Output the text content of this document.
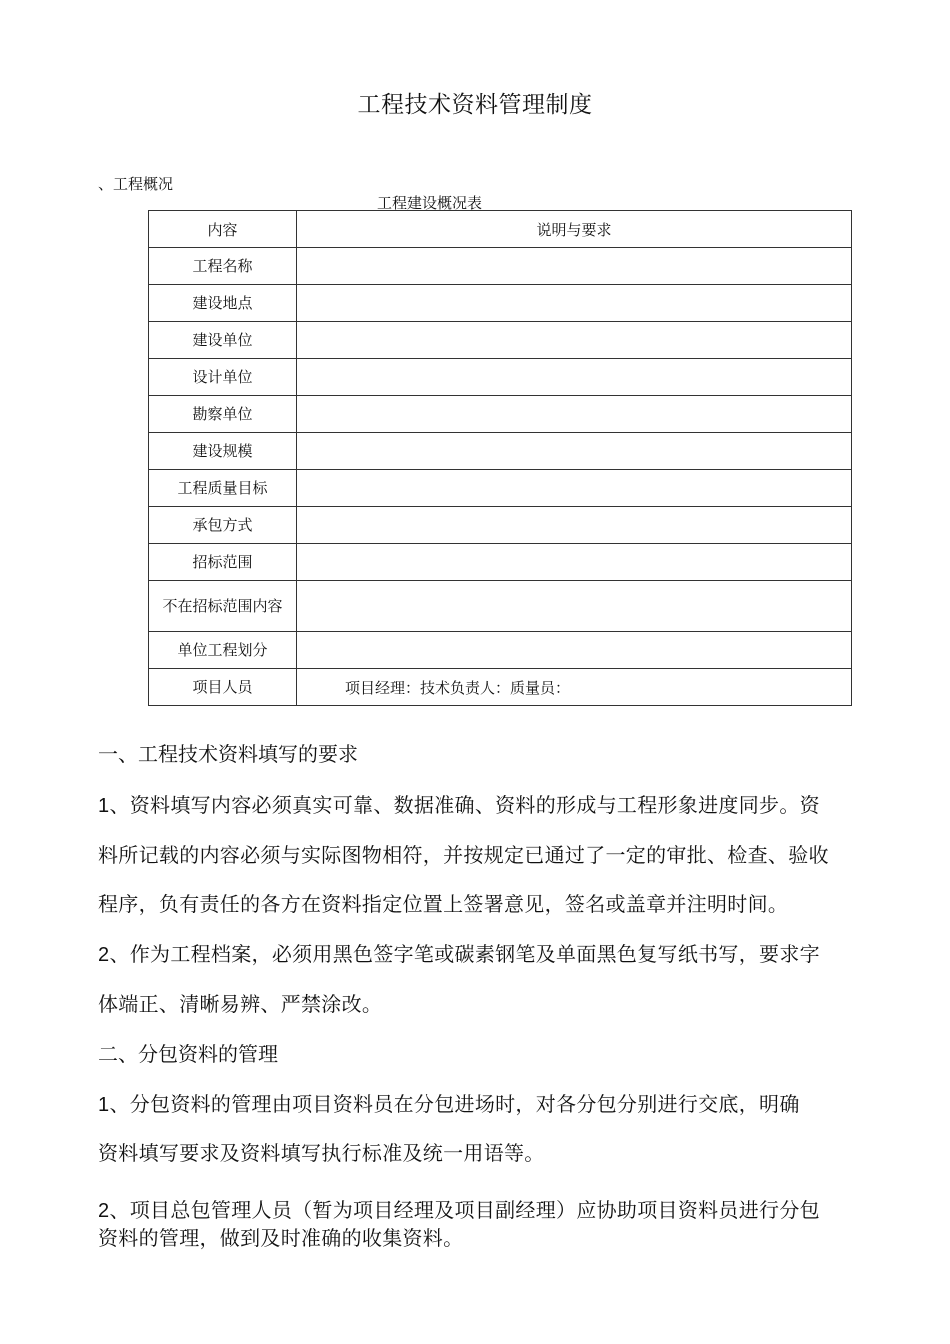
工程技术资料管理制度
、工程概况
工程建设概况表
内容	说明与要求
工程名称	
建设地点	
建设单位	
设计单位	
勘察单位	
建设规模	
工程质量目标	
承包方式	
招标范围	
不在招标范围内容	
单位工程划分	
项目人员	项目经理：技术负责人：质量员：
一、工程技术资料填写的要求
1、资料填写内容必须真实可靠、数据准确、资料的形成与工程形象进度同步。资
料所记载的内容必须与实际图物相符，并按规定已通过了一定的审批、检查、验收
程序，负有责任的各方在资料指定位置上签署意见，签名或盖章并注明时间。
2、作为工程档案，必须用黑色签字笔或碳素钢笔及单面黑色复写纸书写，要求字
体端正、清晰易辨、严禁涂改。
二、分包资料的管理
1、分包资料的管理由项目资料员在分包进场时，对各分包分别进行交底，明确
资料填写要求及资料填写执行标准及统一用语等。
2、项目总包管理人员（暂为项目经理及项目副经理）应协助项目资料员进行分包
资料的管理，做到及时准确的收集资料。
